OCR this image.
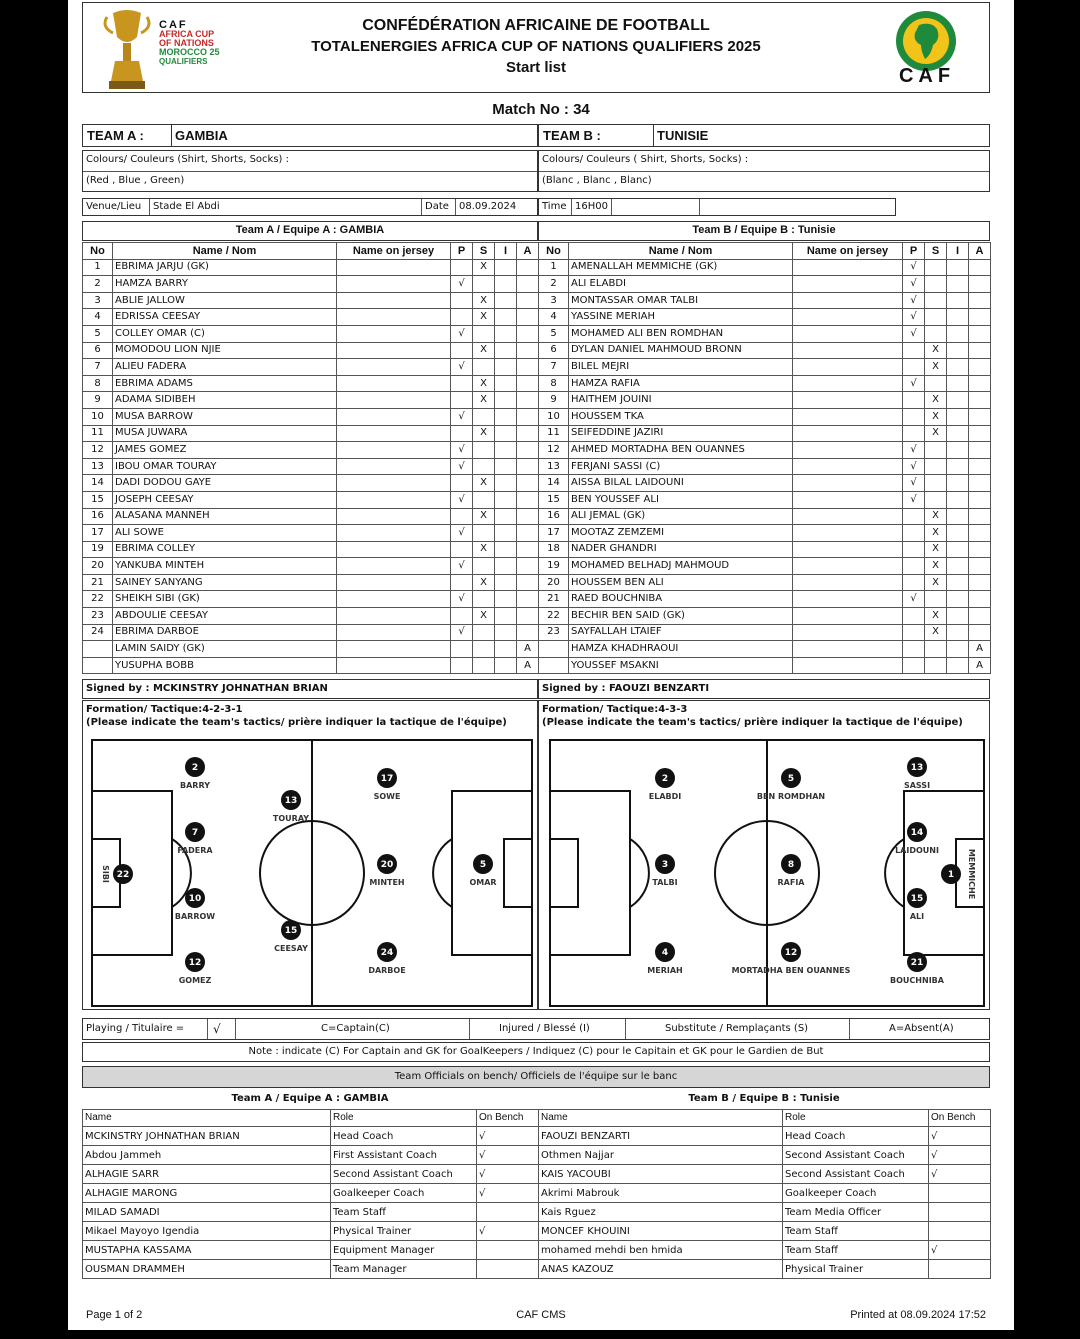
CAF
AFRICA CUP
OF NATIONS
MOROCCO 25
QUALIFIERS
CONFÉDÉRATION AFRICAINE DE FOOTBALL
TOTALENERGIES AFRICA CUP OF NATIONS QUALIFIERS 2025
Start list	CAF
Match No : 34
TEAM A : GAMBIA	TEAM B :	TUNISIE
Colours/ Couleurs (Shirt, Shorts, Socks) :
(Red , Blue , Green)
Colours/ Couleurs ( Shirt, Shorts, Socks) :
(Blanc , Blanc , Blanc)
Venue/Lieu Stade El Abdi	Date 08.09.2024	Time 16H00
Team A / Equipe A : GAMBIA	Team B / Equipe B : Tunisie
No	Name / Nom	Name on jersey	P	S	I	A
1	EBRIMA JARJU (GK)			X		
2	HAMZA BARRY		√			
3	ABLIE JALLOW			X		
4	EDRISSA CEESAY			X		
5	COLLEY OMAR (C)		√			
6	MOMODOU LION NJIE			X		
7	ALIEU FADERA		√			
8	EBRIMA ADAMS			X		
9	ADAMA SIDIBEH			X		
10	MUSA BARROW		√			
11	MUSA JUWARA			X		
12	JAMES GOMEZ		√			
13	IBOU OMAR TOURAY		√			
14	DADI DODOU GAYE			X		
15	JOSEPH CEESAY		√			
16	ALASANA MANNEH			X		
17	ALI SOWE		√			
19	EBRIMA COLLEY			X		
20	YANKUBA MINTEH		√			
21	SAINEY SANYANG			X		
22	SHEIKH SIBI (GK)		√			
23	ABDOULIE CEESAY			X		
24	EBRIMA DARBOE		√			
	LAMIN SAIDY (GK)					A
	YUSUPHA BOBB					A
No	Name / Nom	Name on jersey	P	S	I	A
1	AMENALLAH MEMMICHE (GK)		√			
2	ALI ELABDI		√			
3	MONTASSAR OMAR TALBI		√			
4	YASSINE MERIAH		√			
5	MOHAMED ALI BEN ROMDHAN		√			
6	DYLAN DANIEL MAHMOUD BRONN			X		
7	BILEL MEJRI			X		
8	HAMZA RAFIA		√			
9	HAITHEM JOUINI			X		
10	HOUSSEM TKA			X		
11	SEIFEDDINE JAZIRI			X		
12	AHMED MORTADHA BEN OUANNES		√			
13	FERJANI SASSI (C)		√			
14	AISSA BILAL LAIDOUNI		√			
15	BEN YOUSSEF ALI		√			
16	ALI JEMAL (GK)			X		
17	MOOTAZ ZEMZEMI			X		
18	NADER GHANDRI			X		
19	MOHAMED BELHADJ MAHMOUD			X		
20	HOUSSEM BEN ALI			X		
21	RAED BOUCHNIBA		√			
22	BECHIR BEN SAID (GK)			X		
23	SAYFALLAH LTAIEF			X		
	HAMZA KHADHRAOUI					A
	YOUSSEF MSAKNI					A
Signed by : MCKINSTRY JOHNATHAN BRIAN	Signed by : FAOUZI BENZARTI
Formation/ Tactique:4-2-3-1
(Please indicate the team's tactics/ prière indiquer la tactique de l'équipe)
22
SIBI
2
BARRY
7
FADERA
10
BARROW
12
GOMEZ
13
TOURAY
15
CEESAY
17
SOWE
20
MINTEH
24
DARBOE
5
OMAR
Formation/ Tactique:4-3-3
(Please indicate the team's tactics/ prière indiquer la tactique de l'équipe)
2
ELABDI
3
TALBI
4
MERIAH
5
BEN ROMDHAN
8
RAFIA
12
MORTADHA BEN OUANNES
13
SASSI
14
LAIDOUNI
15
ALI
21
BOUCHNIBA
1 MEMMICHE
Playing / Titulaire = √	C=Captain(C)	Injured / Blessé (I)	Substitute / Remplaçants (S)	A=Absent(A)
Note : indicate (C) For Captain and GK for GoalKeepers / Indiquez (C) pour le Capitain et GK pour le Gardien de But
Team Officials on bench/ Officiels de l'équipe sur le banc
Team A / Equipe A : GAMBIA	Team B / Equipe B : Tunisie
Name	Role	On Bench
MCKINSTRY JOHNATHAN BRIAN	Head Coach	√
Abdou Jammeh	First Assistant Coach	√
ALHAGIE SARR	Second Assistant Coach	√
ALHAGIE MARONG	Goalkeeper Coach	√
MILAD SAMADI	Team Staff	
Mikael Mayoyo Igendia	Physical Trainer	√
MUSTAPHA KASSAMA	Equipment Manager	
OUSMAN DRAMMEH	Team Manager	
Name	Role	On Bench
FAOUZI BENZARTI	Head Coach	√
Othmen Najjar	Second Assistant Coach	√
KAIS YACOUBI	Second Assistant Coach	√
Akrimi Mabrouk	Goalkeeper Coach	
Kais Rguez	Team Media Officer	
MONCEF KHOUINI	Team Staff	
mohamed mehdi ben hmida	Team Staff	√
ANAS KAZOUZ	Physical Trainer	
Page 1 of 2	CAF CMS	Printed at 08.09.2024 17:52
